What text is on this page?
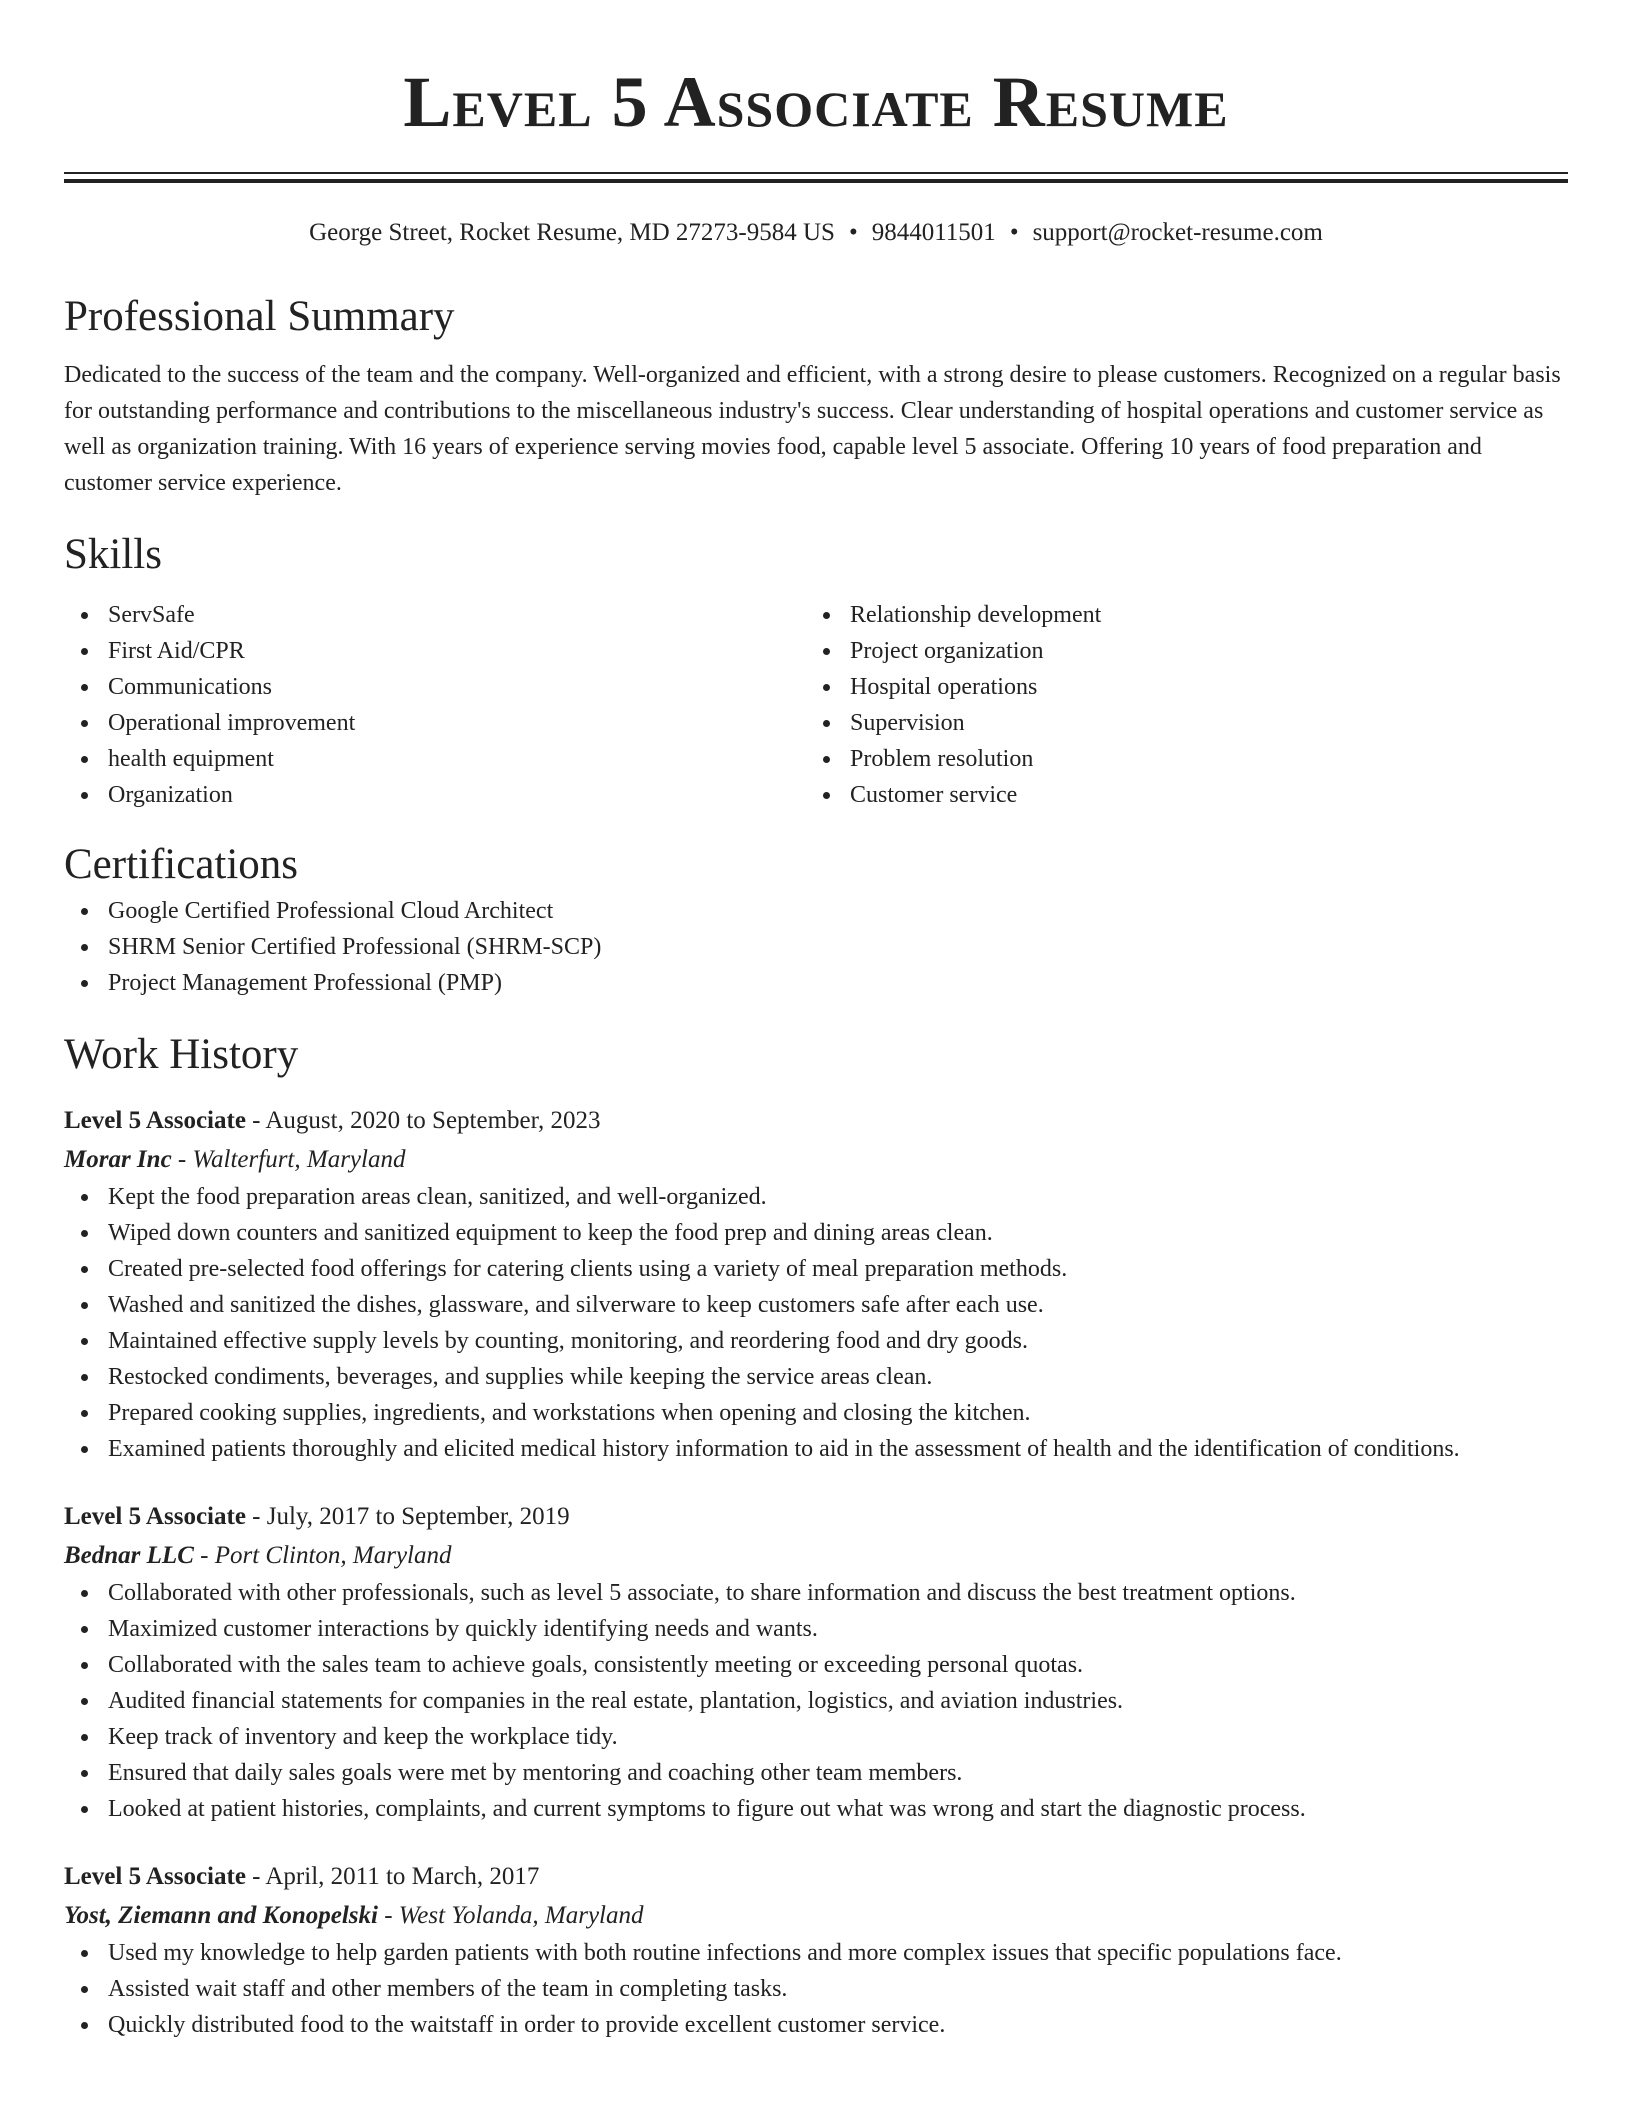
Level 5 Associate Resume
George Street, Rocket Resume, MD 27273-9584 US • 9844011501 • support@rocket-resume.com
Professional Summary

Dedicated to the success of the team and the company. Well-organized and efficient, with a strong desire to please customers. Recognized on a regular basis for outstanding performance and contributions to the miscellaneous industry's success. Clear understanding of hospital operations and customer service as well as organization training. With 16 years of experience serving movies food, capable level 5 associate. Offering 10 years of food preparation and customer service experience.

Skills
ServSafe
First Aid/CPR
Communications
Operational improvement
health equipment
Organization
Relationship development
Project organization
Hospital operations
Supervision
Problem resolution
Customer service
Certifications
Google Certified Professional Cloud Architect
SHRM Senior Certified Professional (SHRM-SCP)
Project Management Professional (PMP)
Work History
Level 5 Associate - August, 2020 to September, 2023
Morar Inc - Walterfurt, Maryland
Kept the food preparation areas clean, sanitized, and well-organized.
Wiped down counters and sanitized equipment to keep the food prep and dining areas clean.
Created pre-selected food offerings for catering clients using a variety of meal preparation methods.
Washed and sanitized the dishes, glassware, and silverware to keep customers safe after each use.
Maintained effective supply levels by counting, monitoring, and reordering food and dry goods.
Restocked condiments, beverages, and supplies while keeping the service areas clean.
Prepared cooking supplies, ingredients, and workstations when opening and closing the kitchen.
Examined patients thoroughly and elicited medical history information to aid in the assessment of health and the identification of conditions.
Level 5 Associate - July, 2017 to September, 2019
Bednar LLC - Port Clinton, Maryland
Collaborated with other professionals, such as level 5 associate, to share information and discuss the best treatment options.
Maximized customer interactions by quickly identifying needs and wants.
Collaborated with the sales team to achieve goals, consistently meeting or exceeding personal quotas.
Audited financial statements for companies in the real estate, plantation, logistics, and aviation industries.
Keep track of inventory and keep the workplace tidy.
Ensured that daily sales goals were met by mentoring and coaching other team members.
Looked at patient histories, complaints, and current symptoms to figure out what was wrong and start the diagnostic process.
Level 5 Associate - April, 2011 to March, 2017
Yost, Ziemann and Konopelski - West Yolanda, Maryland
Used my knowledge to help garden patients with both routine infections and more complex issues that specific populations face.
Assisted wait staff and other members of the team in completing tasks.
Quickly distributed food to the waitstaff in order to provide excellent customer service.
